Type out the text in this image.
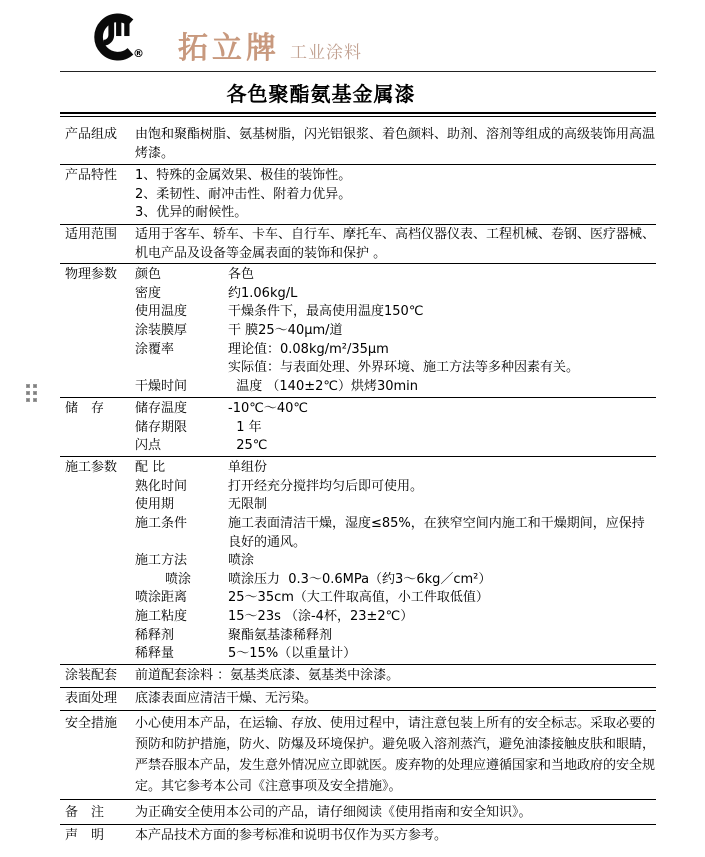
® 拓立牌 工业涂料
各色聚酯氨基金属漆
产品组成	由饱和聚酯树脂、氨基树脂，闪光铝银浆、着色颜料、助剂、溶剂等组成的高级装饰用高温烤漆。
产品特性	1、特殊的金属效果、极佳的装饰性。
2、柔韧性、耐冲击性、附着力优异。
3、优异的耐候性。
适用范围	适用于客车、轿车、卡车、自行车、摩托车、高档仪器仪表、工程机械、卷钢、医疗器械、机电产品及设备等金属表面的装饰和保护 。
物理参数	颜色	各色
密度	约1.06kg/L
使用温度	干燥条件下，最高使用温度150℃
涂装膜厚	干 膜25～40μm/道
涂覆率	理论值：0.08kg/m²/35μm
实际值：与表面处理、外界环境、施工方法等多种因素有关。
干燥时间	温度 （140±2℃）烘烤30min
储　存	储存温度	-10℃～40℃
储存期限	1 年
闪点	25℃
施工参数	配 比	单组份
熟化时间	打开经充分搅拌均匀后即可使用。
使用期	无限制
施工条件	施工表面清洁干燥，湿度≤85%，在狭窄空间内施工和干燥期间，应保持良好的通风。
施工方法	喷涂
喷涂	喷涂压力  0.3～0.6MPa（约3～6kg／cm²）
喷涂距离	25～35cm（大工件取高值，小工件取低值）
施工粘度	15～23s （涂-4杯，23±2℃）
稀释剂	聚酯氨基漆稀释剂
稀释量	5～15%（以重量计）
涂装配套	前道配套涂料 ：氨基类底漆、氨基类中涂漆。
表面处理	底漆表面应清洁干燥、无污染。
安全措施	小心使用本产品，在运输、存放、使用过程中，请注意包装上所有的安全标志。采取必要的预防和防护措施，防火、防爆及环境保护。避免吸入溶剂蒸汽，避免油漆接触皮肤和眼睛，严禁吞服本产品，发生意外情况应立即就医。废弃物的处理应遵循国家和当地政府的安全规定。其它参考本公司《注意事项及安全措施》。
备　注	为正确安全使用本公司的产品，请仔细阅读《使用指南和安全知识》。
声　明	本产品技术方面的参考标准和说明书仅作为买方参考。
